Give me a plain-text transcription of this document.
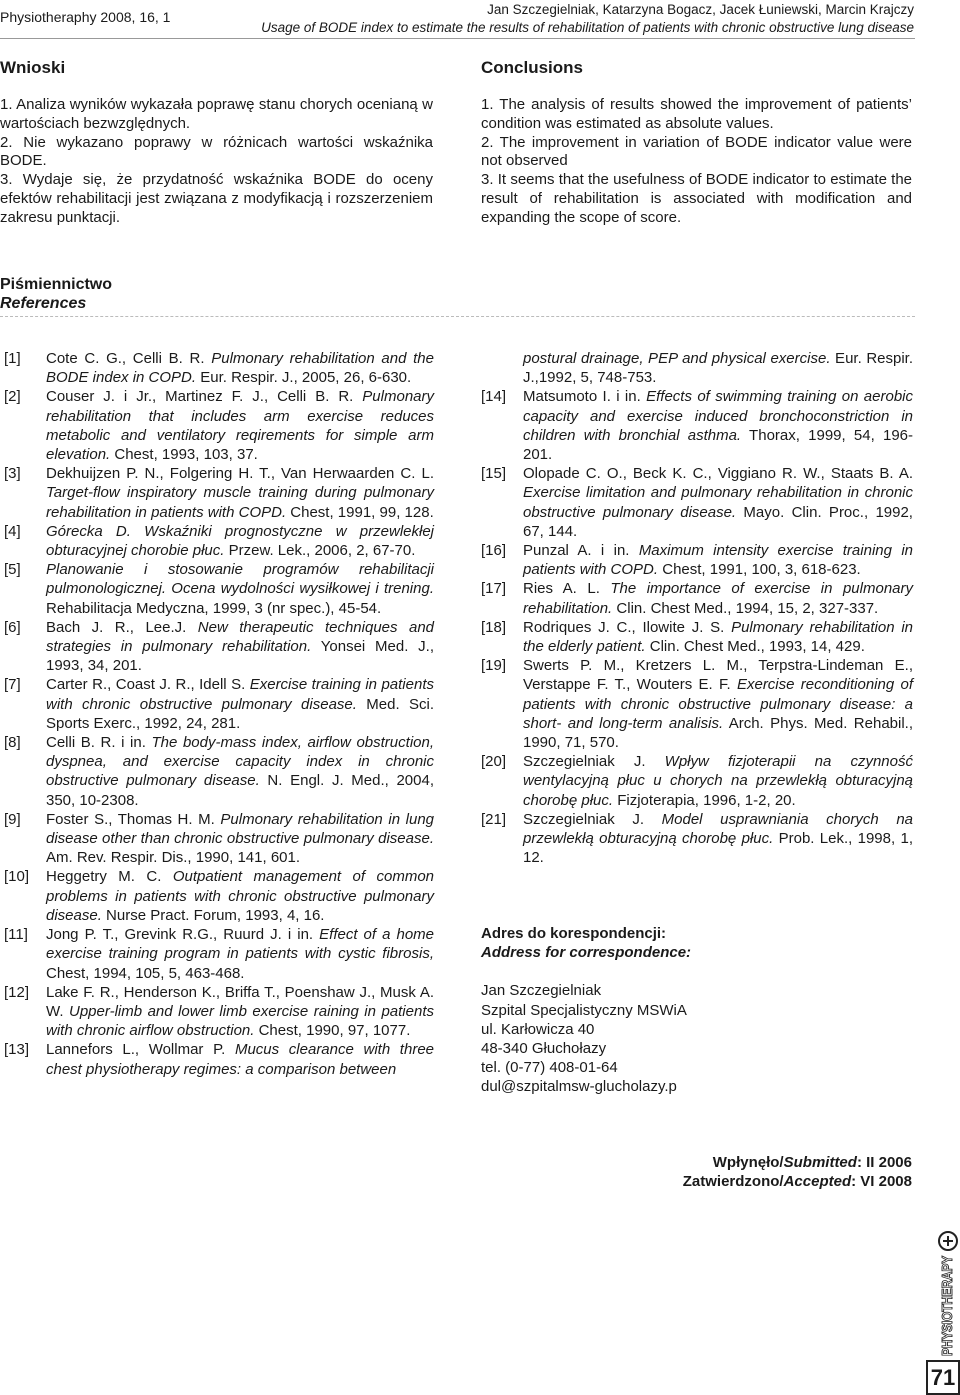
Physiotheraphy 2008, 16, 1	Jan Szczegielniak, Katarzyna Bogacz, Jacek Łuniewski, Marcin Krajczy
Usage of BODE index to estimate the results of rehabilitation of patients with chronic obstructive lung disease
Wnioski
1. Analiza wyników wykazała poprawę stanu chorych ocenianą w wartościach bezwzględnych.
2. Nie wykazano poprawy w różnicach wartości wskaźnika BODE.
3. Wydaje się, że przydatność wskaźnika BODE do oceny efektów rehabilitacji jest związana z modyfikacją i rozszerzeniem zakresu punktacji.
Conclusions
1. The analysis of results showed the improvement of patients’ condition was estimated as absolute values.
2. The improvement in variation of BODE indicator value were not observed
3. It seems that the usefulness of BODE indicator to estimate the result of rehabilitation is associated with modification and expanding the scope of score.
Piśmiennictwo
References
[1] Cote C. G., Celli B. R. Pulmonary rehabilitation and the BODE index in COPD. Eur. Respir. J., 2005, 26, 6-630.
[2] Couser J. i Jr., Martinez F. J., Celli B. R. Pulmonary rehabilitation that includes arm exercise reduces metabolic and ventilatory reqirements for simple arm elevation. Chest, 1993, 103, 37.
[3] Dekhuijzen P. N., Folgering H. T., Van Herwaarden C. L. Target-flow inspiratory muscle training during pulmonary rehabilitation in patients with COPD. Chest, 1991, 99, 128.
[4] Górecka D. Wskaźniki prognostyczne w przewlekłej obturacyjnej chorobie płuc. Przew. Lek., 2006, 2, 67-70.
[5] Planowanie i stosowanie programów rehabilitacji pulmonologicznej. Ocena wydolności wysiłkowej i trening. Rehabilitacja Medyczna, 1999, 3 (nr spec.), 45-54.
[6] Bach J. R., Lee.J. New therapeutic techniques and strategies in pulmonary rehabilitation. Yonsei Med. J., 1993, 34, 201.
[7] Carter R., Coast J. R., Idell S. Exercise training in patients with chronic obstructive pulmonary disease. Med. Sci. Sports Exerc., 1992, 24, 281.
[8] Celli B. R. i in. The body-mass index, airflow obstruction, dyspnea, and exercise capacity index in chronic obstructive pulmonary disease. N. Engl. J. Med., 2004, 350, 10-2308.
[9] Foster S., Thomas H. M. Pulmonary rehabilitation in lung disease other than chronic obstructive pulmonary disease. Am. Rev. Respir. Dis., 1990, 141, 601.
[10] Heggetry M. C. Outpatient management of common problems in patients with chronic obstructive pulmonary disease. Nurse Pract. Forum, 1993, 4, 16.
[11] Jong P. T., Grevink R.G., Ruurd J. i in. Effect of a home exercise training program in patients with cystic fibrosis, Chest, 1994, 105, 5, 463-468.
[12] Lake F. R., Henderson K., Briffa T., Poenshaw J., Musk A. W. Upper-limb and lower limb exercise raining in patients with chronic airflow obstruction. Chest, 1990, 97, 1077.
[13] Lannefors L., Wollmar P. Mucus clearance with three chest physiotherapy regimes: a comparison between
postural drainage, PEP and physical exercise. Eur. Respir. J.,1992, 5, 748-753.
[14] Matsumoto I. i in. Effects of swimming training on aerobic capacity and exercise induced bronchoconstriction in children with bronchial asthma. Thorax, 1999, 54, 196-201.
[15] Olopade C. O., Beck K. C., Viggiano R. W., Staats B. A. Exercise limitation and pulmonary rehabilitation in chronic obstructive pulmonary disease. Mayo. Clin. Proc., 1992, 67, 144.
[16] Punzal A. i in. Maximum intensity exercise training in patients with COPD. Chest, 1991, 100, 3, 618-623.
[17] Ries A. L. The importance of exercise in pulmonary rehabilitation. Clin. Chest Med., 1994, 15, 2, 327-337.
[18] Rodriques J. C., Ilowite J. S. Pulmonary rehabilitation in the elderly patient. Clin. Chest Med., 1993, 14, 429.
[19] Swerts P. M., Kretzers L. M., Terpstra-Lindeman E., Verstappe F. T., Wouters E. F. Exercise reconditioning of patients with chronic obstructive pulmonary disease: a short- and long-term analisis. Arch. Phys. Med. Rehabil., 1990, 71, 570.
[20] Szczegielniak J. Wpływ fizjoterapii na czynność wentylacyjną płuc u chorych na przewlekłą obturacyjną chorobę płuc. Fizjoterapia, 1996, 1-2, 20.
[21] Szczegielniak J. Model usprawniania chorych na przewlekłą obturacyjną chorobę płuc. Prob. Lek., 1998, 1, 12.
Adres do korespondencji:
Address for correspondence:
Jan Szczegielniak
Szpital Specjalistyczny MSWiA
ul. Karłowicza 40
48-340 Głuchołazy
tel. (0-77) 408-01-64
dul@szpitalmsw-glucholazy.p
Wpłynęło/Submitted: II 2006
Zatwierdzono/Accepted: VI 2008
PHYSIOTHERAPY
71
